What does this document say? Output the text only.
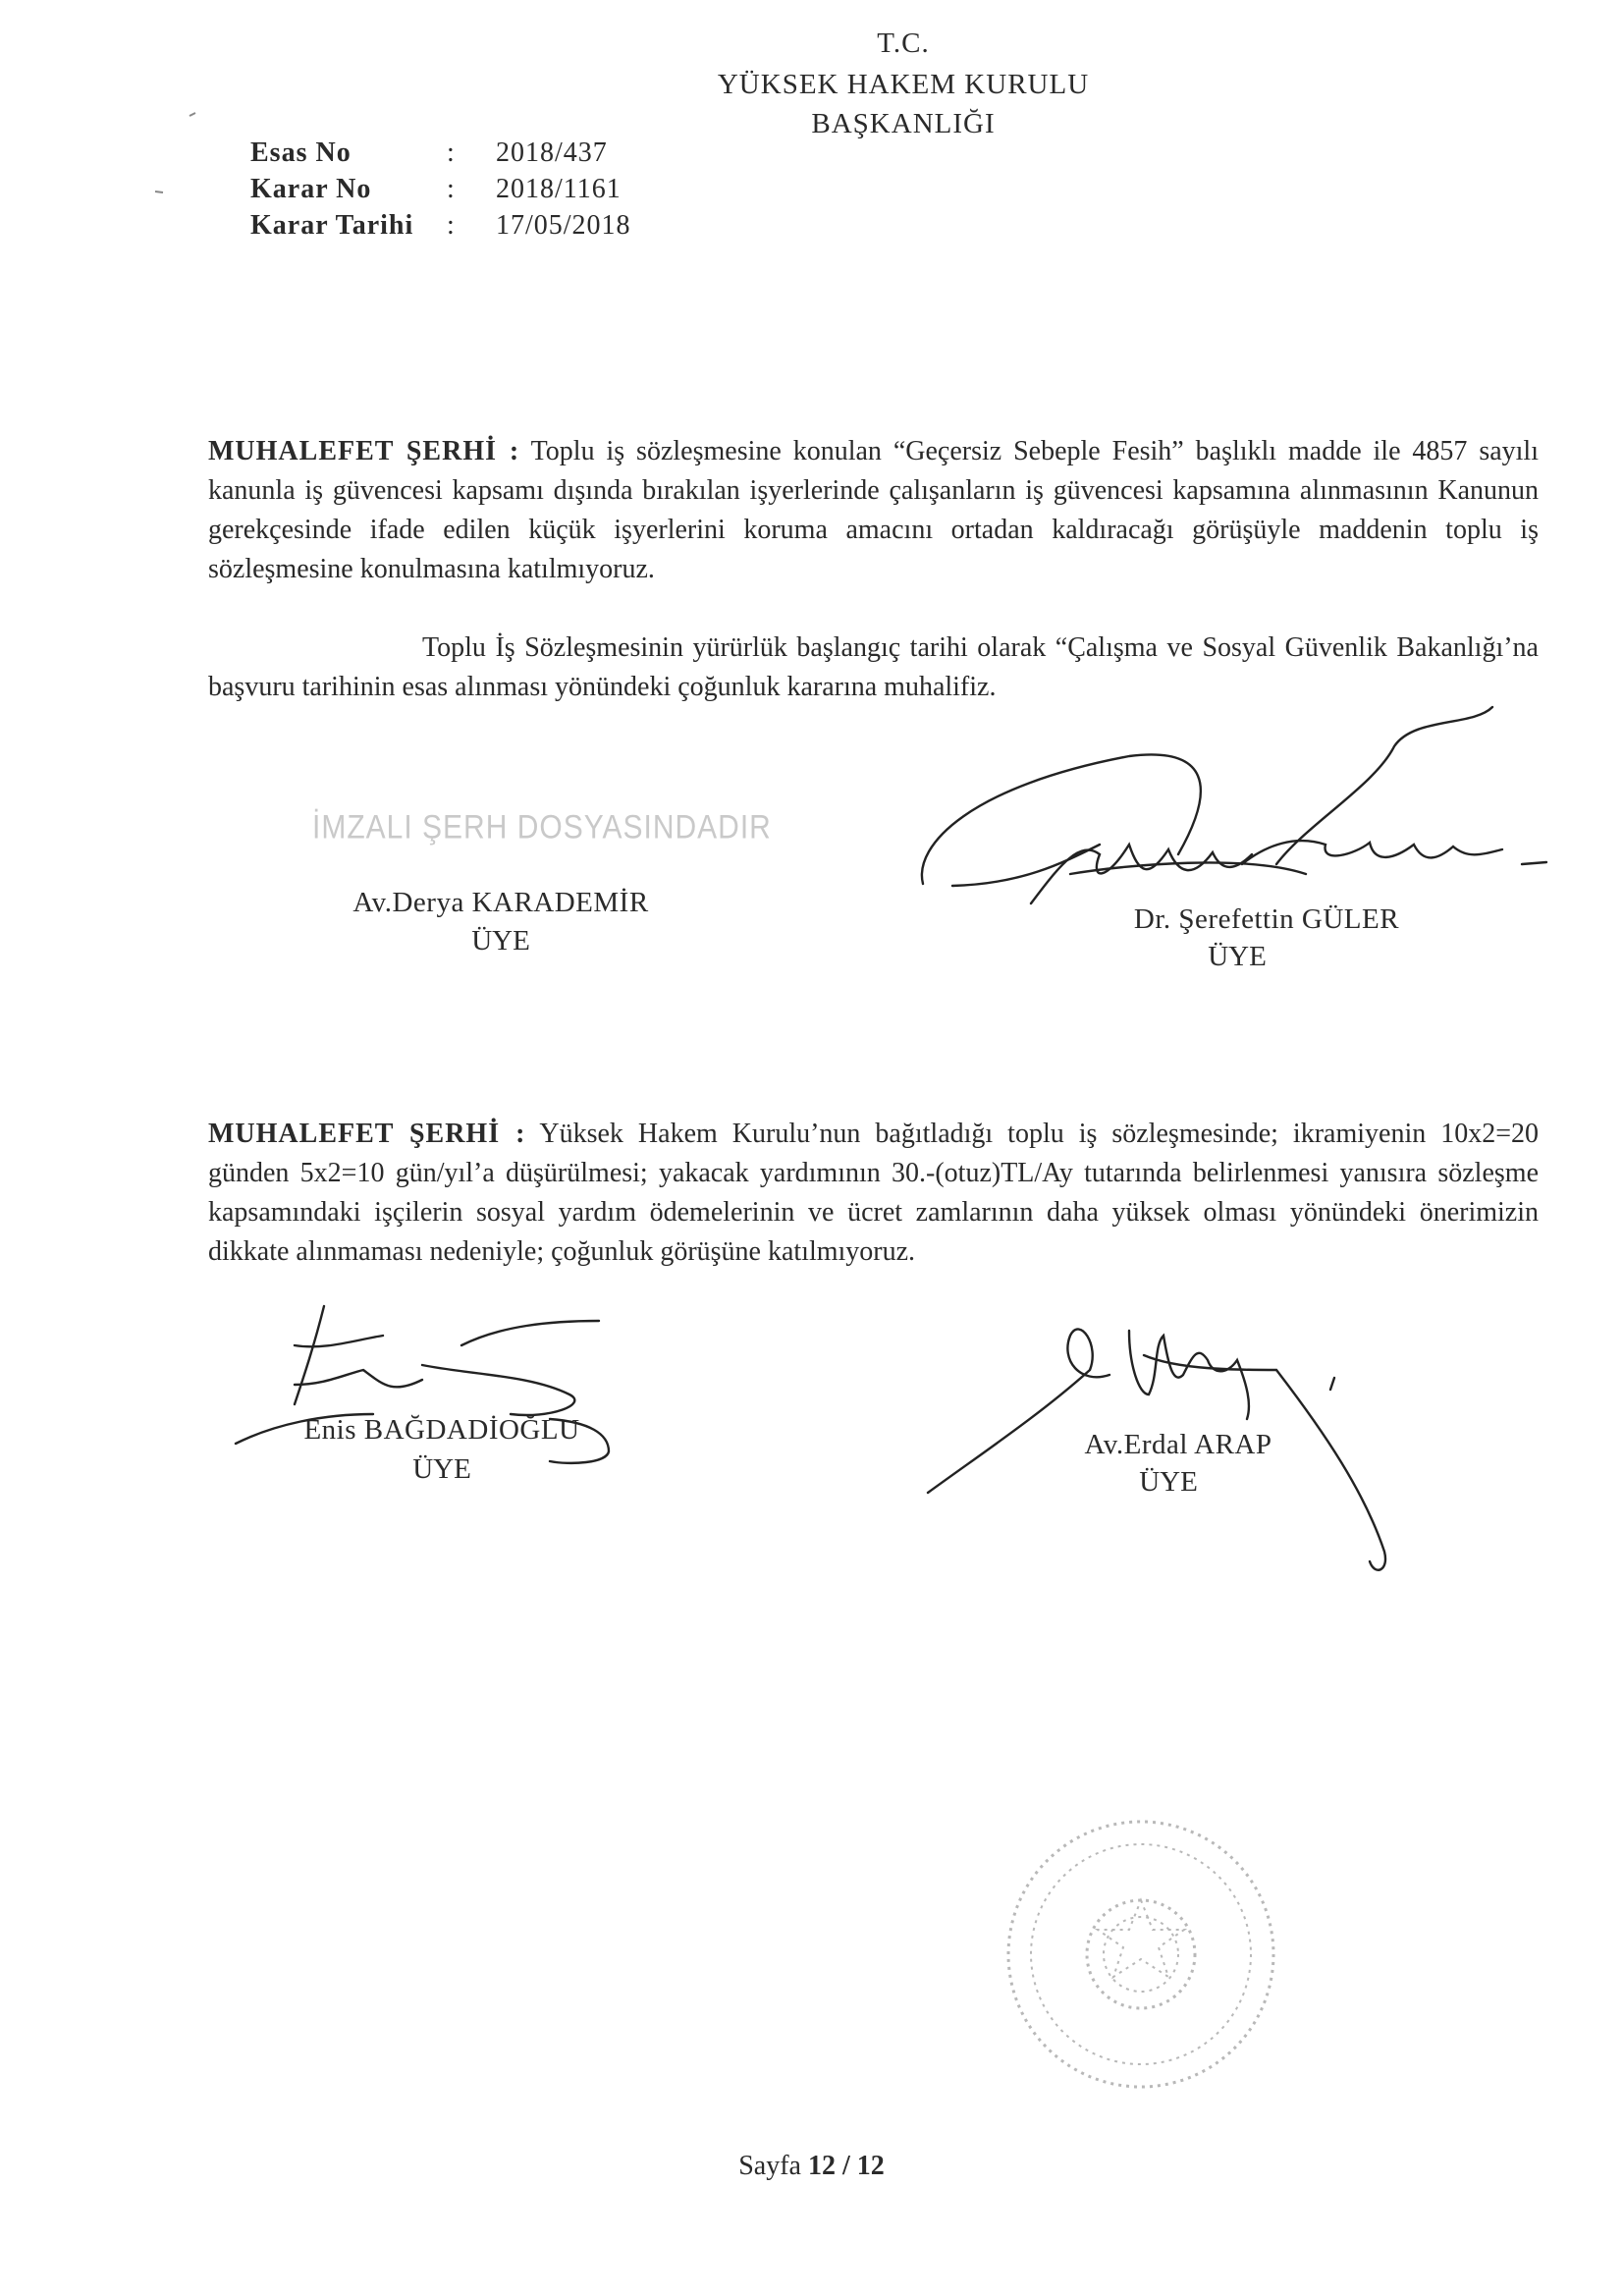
T.C.
YÜKSEK HAKEM KURULU
BAŞKANLIĞI
Esas No	:	2018/437
Karar No	:	2018/1161
Karar Tarihi	:	17/05/2018
MUHALEFET ŞERHİ : Toplu iş sözleşmesine konulan “Geçersiz Sebeple Fesih” başlıklı madde ile 4857 sayılı kanunla iş güvencesi kapsamı dışında bırakılan işyerlerinde çalışanların iş güvencesi kapsamına alınmasının Kanunun gerekçesinde ifade edilen küçük işyerlerini koruma amacını ortadan kaldıracağı görüşüyle maddenin toplu iş sözleşmesine konulmasına katılmıyoruz.
Toplu İş Sözleşmesinin yürürlük başlangıç tarihi olarak “Çalışma ve Sosyal Güvenlik Bakanlığı’na başvuru tarihinin esas alınması yönündeki çoğunluk kararına muhalifiz.
İMZALI ŞERH DOSYASINDADIR
Av.Derya KARADEMİR
ÜYE
Dr. Şerefettin GÜLER
ÜYE
MUHALEFET ŞERHİ : Yüksek Hakem Kurulu’nun bağıtladığı toplu iş sözleşmesinde; ikramiyenin 10x2=20 günden 5x2=10 gün/yıl’a düşürülmesi; yakacak yardımının 30.-(otuz)TL/Ay tutarında belirlenmesi yanısıra sözleşme kapsamındaki işçilerin sosyal yardım ödemelerinin ve ücret zamlarının daha yüksek olması yönündeki önerimizin dikkate alınmaması nedeniyle; çoğunluk görüşüne katılmıyoruz.
Enis BAĞDADİOĞLU
ÜYE
Av.Erdal ARAP
ÜYE
Sayfa 12 / 12
